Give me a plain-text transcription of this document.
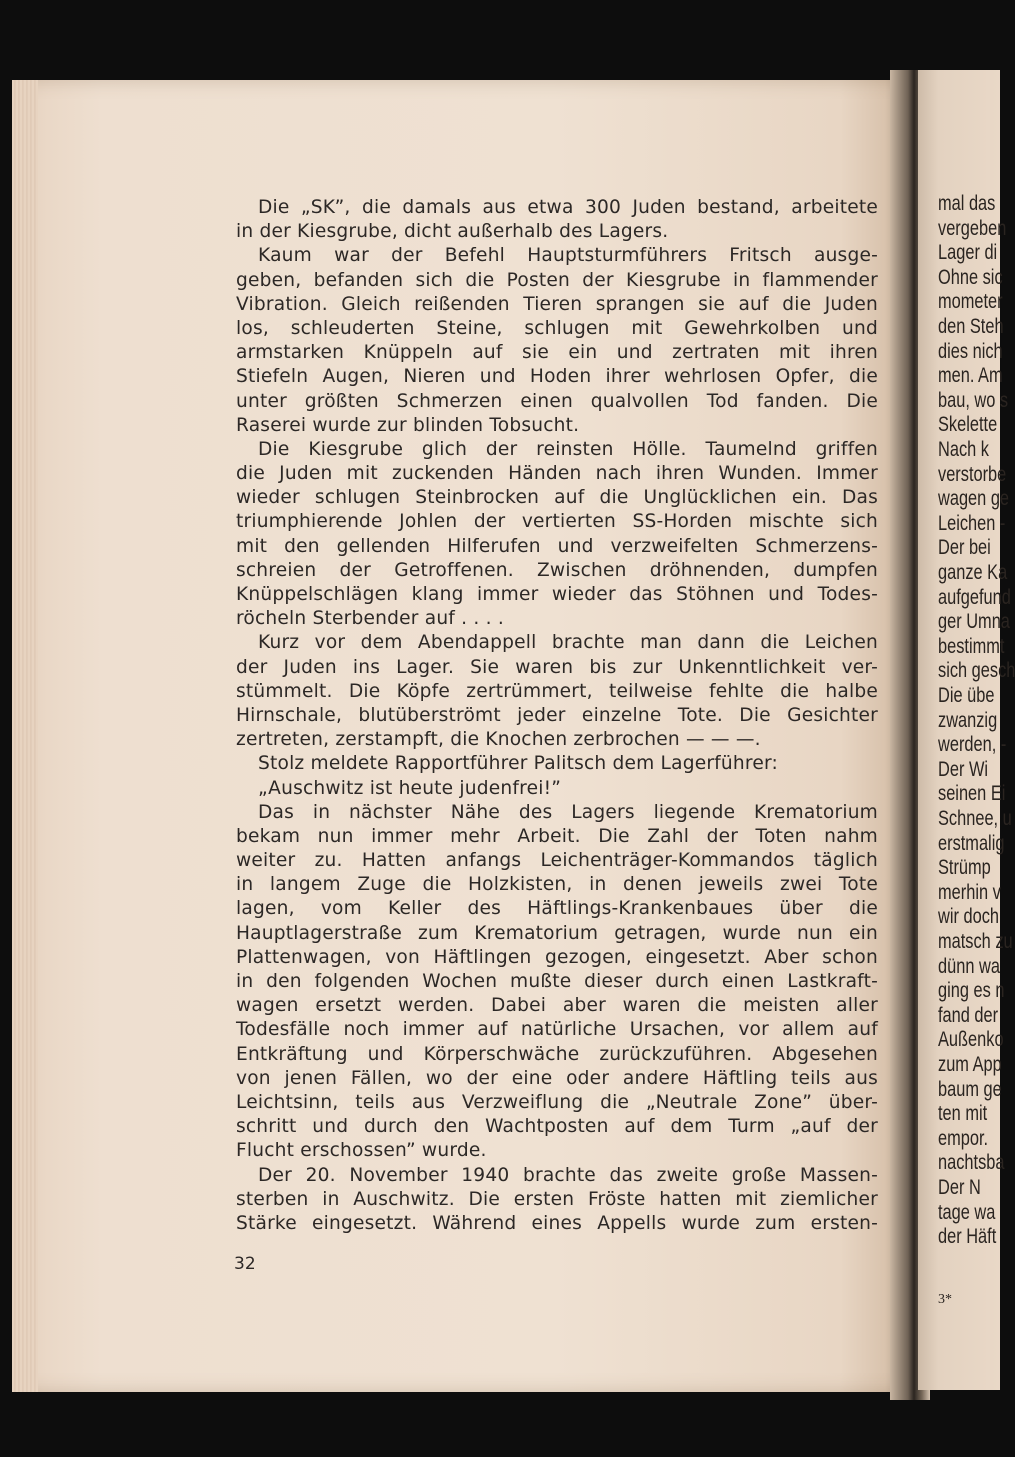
mal das
vergeben
Lager di
Ohne sic
mometer
den Steh
dies nich
men. Am
bau, wo s
Skelette
Nach k
verstorbe
wagen ge
Leichen -
Der bei
ganze Ka
aufgefund
ger Umna
bestimmt
sich gesch
Die übe
zwanzig
werden, -
Der Wi
seinen Ei
Schnee, u
erstmalig
Strümp
merhin v
wir doch
matsch zu
dünn wa
ging es n
fand der
Außenko
zum App
baum ge
ten mit
empor.
nachtsba
Der N
tage wa
der Häft
3*
Die „SK”, die damals aus etwa 300 Juden bestand, arbeitete
in der Kiesgrube, dicht außerhalb des Lagers.
Kaum war der Befehl Hauptsturmführers Fritsch ausge-
geben, befanden sich die Posten der Kiesgrube in flammender
Vibration. Gleich reißenden Tieren sprangen sie auf die Juden
los, schleuderten Steine, schlugen mit Gewehrkolben und
armstarken Knüppeln auf sie ein und zertraten mit ihren
Stiefeln Augen, Nieren und Hoden ihrer wehrlosen Opfer, die
unter größten Schmerzen einen qualvollen Tod fanden. Die
Raserei wurde zur blinden Tobsucht.
Die Kiesgrube glich der reinsten Hölle. Taumelnd griffen
die Juden mit zuckenden Händen nach ihren Wunden. Immer
wieder schlugen Steinbrocken auf die Unglücklichen ein. Das
triumphierende Johlen der vertierten SS-Horden mischte sich
mit den gellenden Hilferufen und verzweifelten Schmerzens-
schreien der Getroffenen. Zwischen dröhnenden, dumpfen
Knüppelschlägen klang immer wieder das Stöhnen und Todes-
röcheln Sterbender auf . . . .
Kurz vor dem Abendappell brachte man dann die Leichen
der Juden ins Lager. Sie waren bis zur Unkenntlichkeit ver-
stümmelt. Die Köpfe zertrümmert, teilweise fehlte die halbe
Hirnschale, blutüberströmt jeder einzelne Tote. Die Gesichter
zertreten, zerstampft, die Knochen zerbrochen — — —.
Stolz meldete Rapportführer Palitsch dem Lagerführer:
„Auschwitz ist heute judenfrei!”
Das in nächster Nähe des Lagers liegende Krematorium
bekam nun immer mehr Arbeit. Die Zahl der Toten nahm
weiter zu. Hatten anfangs Leichenträger-Kommandos täglich
in langem Zuge die Holzkisten, in denen jeweils zwei Tote
lagen, vom Keller des Häftlings-Krankenbaues über die
Hauptlagerstraße zum Krematorium getragen, wurde nun ein
Plattenwagen, von Häftlingen gezogen, eingesetzt. Aber schon
in den folgenden Wochen mußte dieser durch einen Lastkraft-
wagen ersetzt werden. Dabei aber waren die meisten aller
Todesfälle noch immer auf natürliche Ursachen, vor allem auf
Entkräftung und Körperschwäche zurückzuführen. Abgesehen
von jenen Fällen, wo der eine oder andere Häftling teils aus
Leichtsinn, teils aus Verzweiflung die „Neutrale Zone” über-
schritt und durch den Wachtposten auf dem Turm „auf der
Flucht erschossen” wurde.
Der 20. November 1940 brachte das zweite große Massen-
sterben in Auschwitz. Die ersten Fröste hatten mit ziemlicher
Stärke eingesetzt. Während eines Appells wurde zum ersten-
32
